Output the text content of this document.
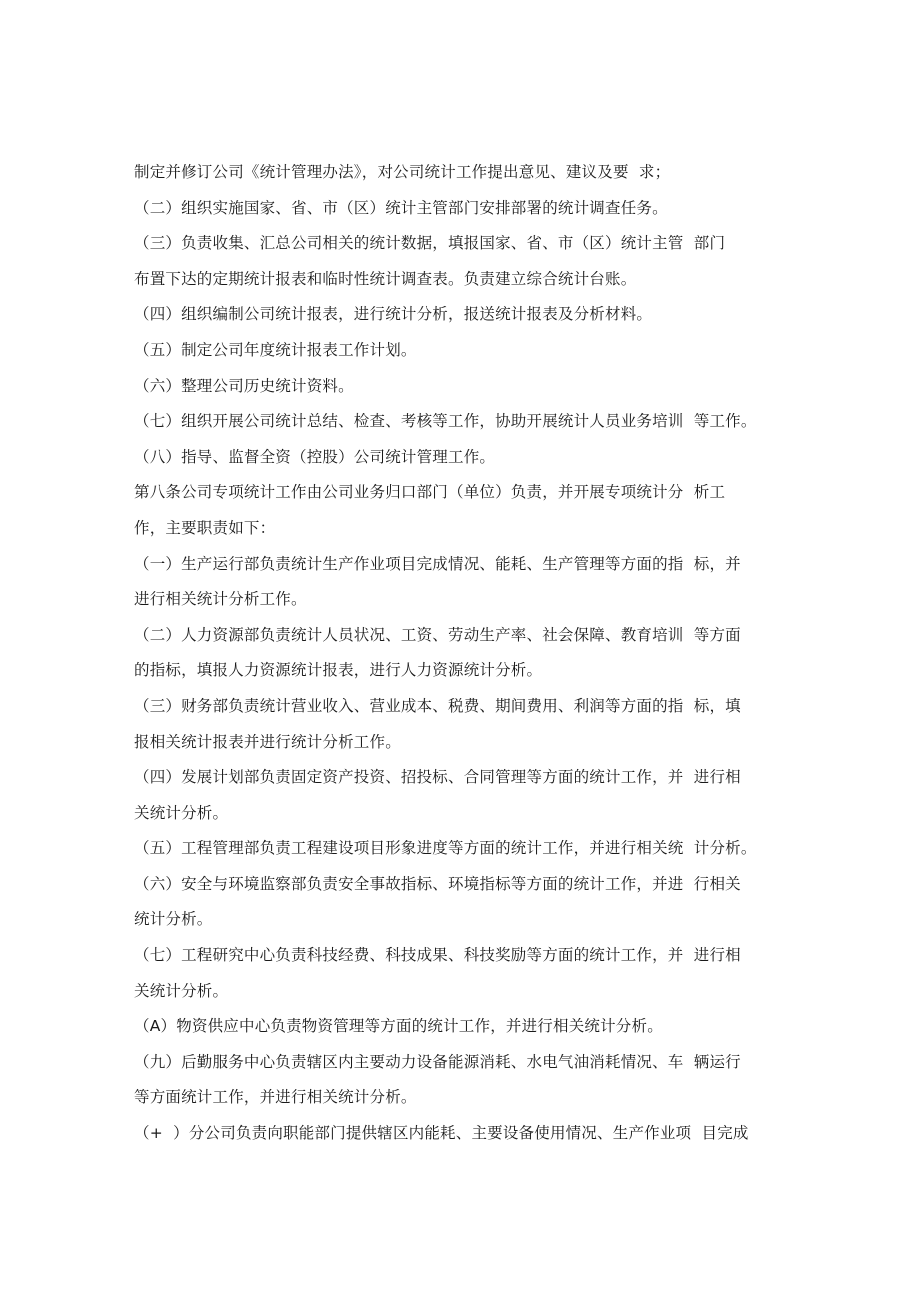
制定并修订公司《统计管理办法》，对公司统计工作提出意见、建议及要  求；
（二）组织实施国家、省、市（区）统计主管部门安排部署的统计调查任务。
（三）负责收集、汇总公司相关的统计数据，填报国家、省、市（区）统计主管  部门
布置下达的定期统计报表和临时性统计调查表。负责建立综合统计台账。
（四）组织编制公司统计报表，进行统计分析，报送统计报表及分析材料。
（五）制定公司年度统计报表工作计划。
（六）整理公司历史统计资料。
（七）组织开展公司统计总结、检查、考核等工作，协助开展统计人员业务培训  等工作。
（八）指导、监督全资（控股）公司统计管理工作。
第八条公司专项统计工作由公司业务归口部门（单位）负责，并开展专项统计分  析工
作，主要职责如下：
（一）生产运行部负责统计生产作业项目完成情况、能耗、生产管理等方面的指  标，并
进行相关统计分析工作。
（二）人力资源部负责统计人员状况、工资、劳动生产率、社会保障、教育培训  等方面
的指标，填报人力资源统计报表，进行人力资源统计分析。
（三）财务部负责统计营业收入、营业成本、税费、期间费用、利润等方面的指  标，填
报相关统计报表并进行统计分析工作。
（四）发展计划部负责固定资产投资、招投标、合同管理等方面的统计工作，并  进行相
关统计分析。
（五）工程管理部负责工程建设项目形象进度等方面的统计工作，并进行相关统  计分析。
（六）安全与环境监察部负责安全事故指标、环境指标等方面的统计工作，并进  行相关
统计分析。
（七）工程研究中心负责科技经费、科技成果、科技奖励等方面的统计工作，并  进行相
关统计分析。
（A）物资供应中心负责物资管理等方面的统计工作，并进行相关统计分析。
（九）后勤服务中心负责辖区内主要动力设备能源消耗、水电气油消耗情况、车  辆运行
等方面统计工作，并进行相关统计分析。
（+  ）分公司负责向职能部门提供辖区内能耗、主要设备使用情况、生产作业项  目完成
